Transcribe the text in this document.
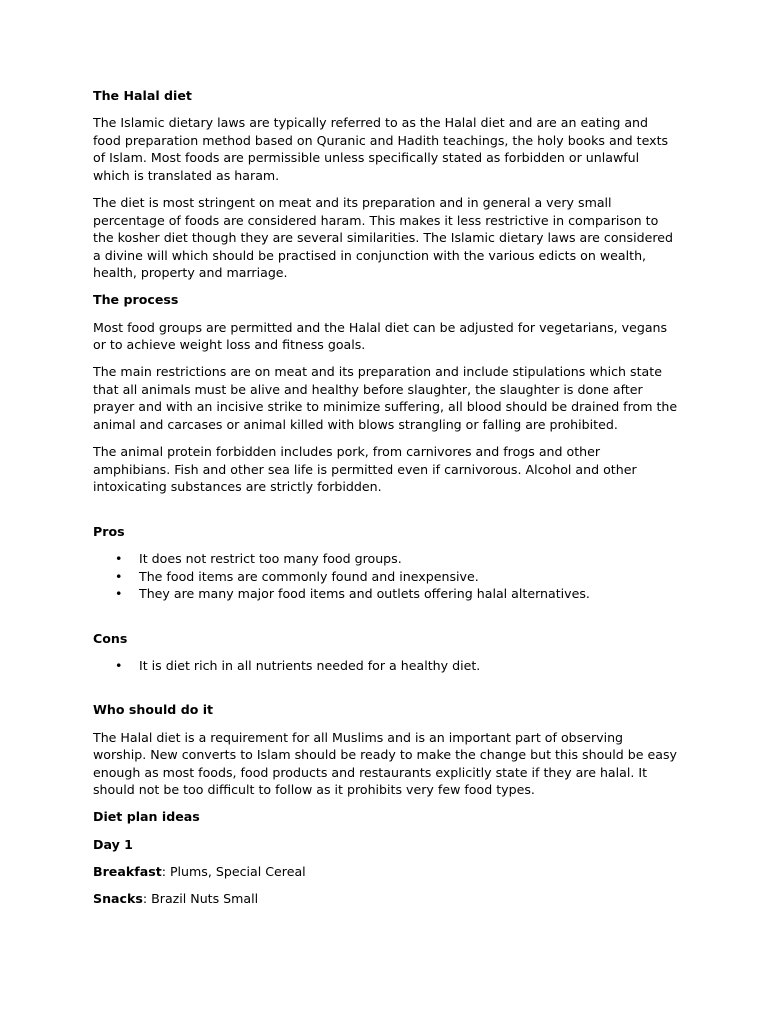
The Halal diet

The Islamic dietary laws are typically referred to as the Halal diet and are an eating and food preparation method based on Quranic and Hadith teachings, the holy books and texts of Islam. Most foods are permissible unless specifically stated as forbidden or unlawful which is translated as haram.

The diet is most stringent on meat and its preparation and in general a very small percentage of foods are considered haram. This makes it less restrictive in comparison to the kosher diet though they are several similarities. The Islamic dietary laws are considered a divine will which should be practised in conjunction with the various edicts on wealth, health, property and marriage.

The process

Most food groups are permitted and the Halal diet can be adjusted for vegetarians, vegans or to achieve weight loss and fitness goals.

The main restrictions are on meat and its preparation and include stipulations which state that all animals must be alive and healthy before slaughter, the slaughter is done after prayer and with an incisive strike to minimize suffering, all blood should be drained from the animal and carcases or animal killed with blows strangling or falling are prohibited.

The animal protein forbidden includes pork, from carnivores and frogs and other amphibians. Fish and other sea life is permitted even if carnivorous. Alcohol and other intoxicating substances are strictly forbidden.

Pros

• It does not restrict too many food groups.
• The food items are commonly found and inexpensive.
• They are many major food items and outlets offering halal alternatives.

Cons

• It is diet rich in all nutrients needed for a healthy diet.

Who should do it

The Halal diet is a requirement for all Muslims and is an important part of observing worship. New converts to Islam should be ready to make the change but this should be easy enough as most foods, food products and restaurants explicitly state if they are halal. It should not be too difficult to follow as it prohibits very few food types.

Diet plan ideas

Day 1

Breakfast: Plums, Special Cereal

Snacks: Brazil Nuts Small
